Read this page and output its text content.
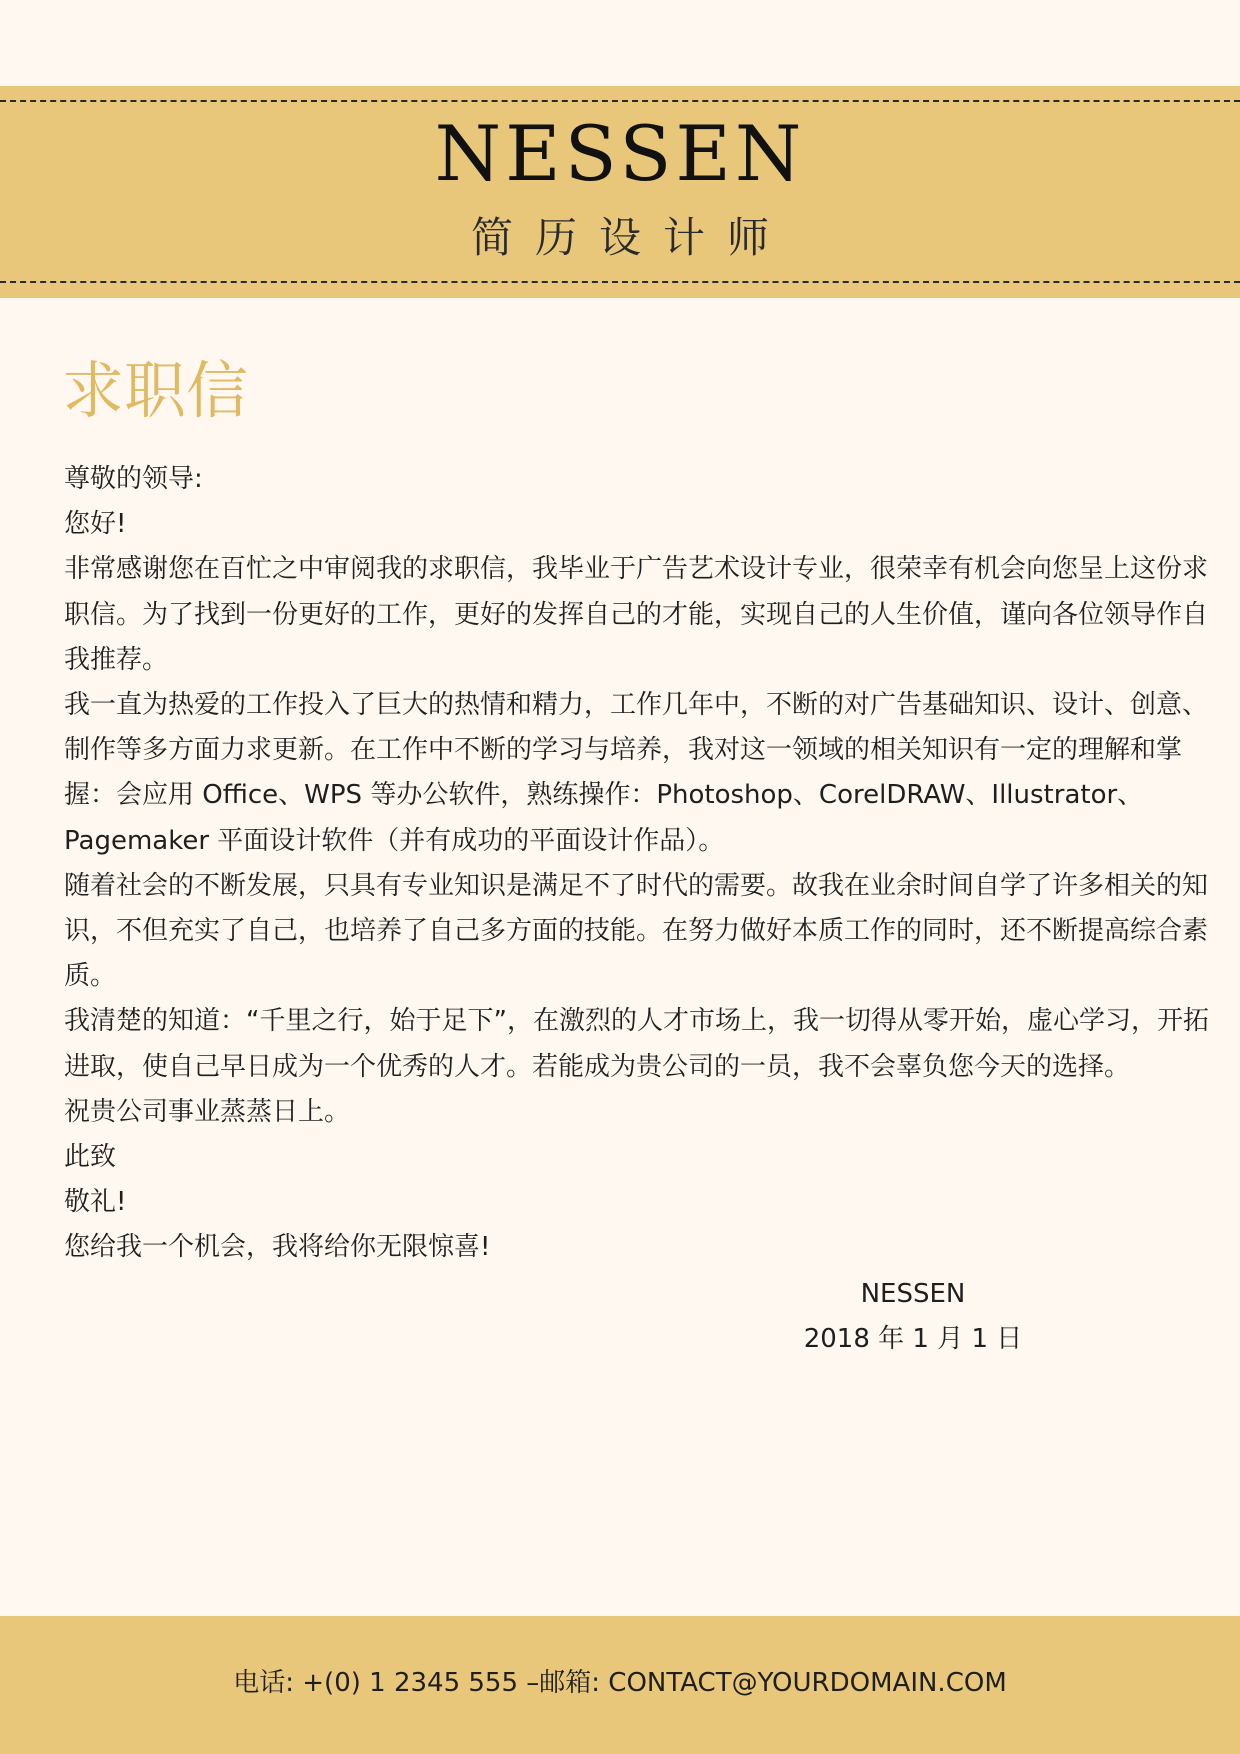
NESSEN
简历设计师
求职信

尊敬的领导:

您好!

非常感谢您在百忙之中审阅我的求职信，我毕业于广告艺术设计专业，很荣幸有机会向您呈上这份求职信。为了找到一份更好的工作，更好的发挥自己的才能，实现自己的人生价值，谨向各位领导作自我推荐。

我一直为热爱的工作投入了巨大的热情和精力，工作几年中，不断的对广告基础知识、设计、创意、制作等多方面力求更新。在工作中不断的学习与培养，我对这一领域的相关知识有一定的理解和掌握：会应用 Office、WPS 等办公软件，熟练操作：Photoshop、CorelDRAW、Illustrator、Pagemaker 平面设计软件（并有成功的平面设计作品）。

随着社会的不断发展，只具有专业知识是满足不了时代的需要。故我在业余时间自学了许多相关的知识，不但充实了自己，也培养了自己多方面的技能。在努力做好本质工作的同时，还不断提高综合素质。

我清楚的知道：“千里之行，始于足下”，在激烈的人才市场上，我一切得从零开始，虚心学习，开拓进取，使自己早日成为一个优秀的人才。若能成为贵公司的一员，我不会辜负您今天的选择。

祝贵公司事业蒸蒸日上。

此致

敬礼!

您给我一个机会，我将给你无限惊喜!

NESSEN
2018 年 1 月 1 日
电话: +(0) 1 2345 555 –邮箱: CONTACT@YOURDOMAIN.COM
